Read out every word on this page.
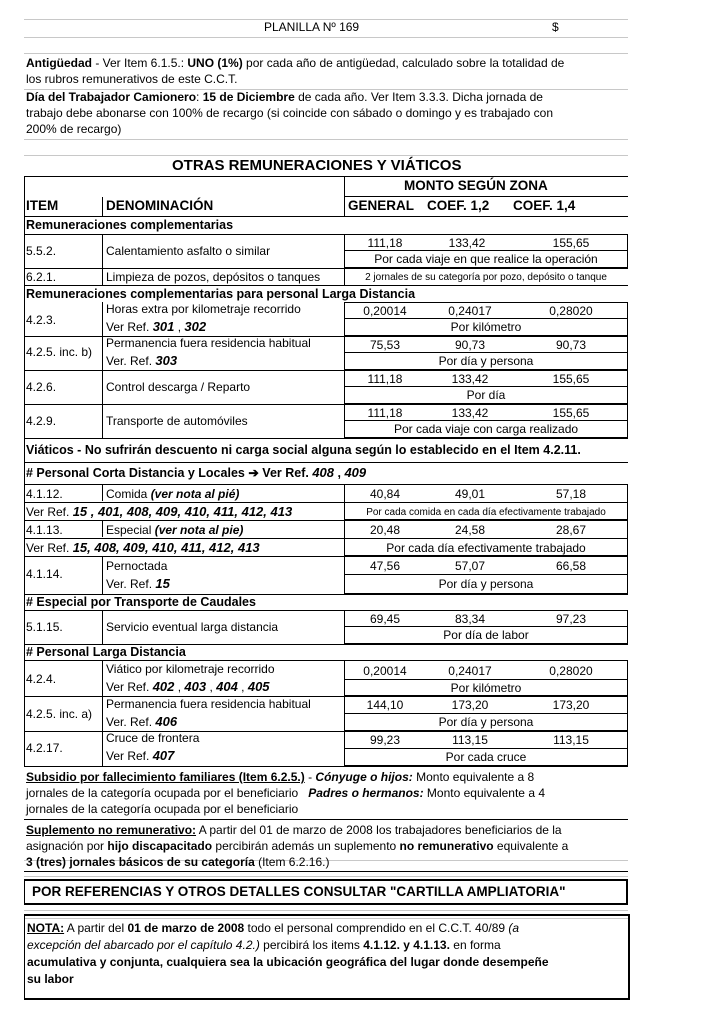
PLANILLA Nº 169	$
Antigüedad - Ver Item 6.1.5.: UNO (1%) por cada año de antigüedad, calculado sobre la totalidad de
los rubros remunerativos de este C.C.T.
Día del Trabajador Camionero: 15 de Diciembre de cada año. Ver Item 3.3.3. Dicha jornada de
trabajo debe abonarse con 100% de recargo (si coincide con sábado o domingo y es trabajado con
200% de recargo)
OTRAS REMUNERACIONES Y VIÁTICOS
MONTO SEGÚN ZONA
ITEM	DENOMINACIÓN	GENERAL COEF. 1,2 COEF. 1,4
Remuneraciones complementarias
5.5.2.	Calentamiento asfalto o similar
111,18	133,42	155,65
Por cada viaje en que realice la operación
6.2.1.	Limpieza de pozos, depósitos o tanques	2 jornales de su categoría por pozo, depósito o tanque
Remuneraciones complementarias para personal Larga Distancia
4.2.3.
Horas extra por kilometraje recorrido
Ver Ref. 301 , 302
0,20014	0,24017	0,28020
Por kilómetro
4.2.5. inc. b)
Permanencia fuera residencia habitual
Ver. Ref. 303
75,53	90,73	90,73
Por día y persona
4.2.6.	Control descarga / Reparto
111,18	133,42	155,65
Por día
4.2.9.	Transporte de automóviles
111,18	133,42	155,65
Por cada viaje con carga realizado
Viáticos - No sufrirán descuento ni carga social alguna según lo establecido en el Item 4.2.11.
# Personal Corta Distancia y Locales ➔ Ver Ref. 408 , 409
4.1.12.	Comida (ver nota al pié)
Ver Ref. 15 , 401, 408, 409, 410, 411, 412, 413
40,84	49,01	57,18
Por cada comida en cada día efectivamente trabajado
4.1.13.	Especial (ver nota al pie)
Ver Ref. 15, 408, 409, 410, 411, 412, 413
20,48	24,58	28,67
Por cada día efectivamente trabajado
4.1.14.
Pernoctada
Ver. Ref. 15
47,56	57,07	66,58
Por día y persona
# Especial por Transporte de Caudales
5.1.15.	Servicio eventual larga distancia
69,45	83,34	97,23
Por día de labor
# Personal Larga Distancia
4.2.4.
Viático por kilometraje recorrido
Ver Ref. 402 , 403 , 404 , 405
0,20014	0,24017	0,28020
Por kilómetro
4.2.5. inc. a)
Permanencia fuera residencia habitual
Ver. Ref. 406
144,10	173,20	173,20
Por día y persona
4.2.17.
Cruce de frontera
Ver Ref. 407
99,23	113,15	113,15
Por cada cruce
Subsidio por fallecimiento familiares (Item 6.2.5.) - Cónyuge o hijos: Monto equivalente a 8
jornales de la categoría ocupada por el beneficiario Padres o hermanos: Monto equivalente a 4
jornales de la categoría ocupada por el beneficiario
Suplemento no remunerativo: A partir del 01 de marzo de 2008 los trabajadores beneficiarios de la
asignación por hijo discapacitado percibirán además un suplemento no remunerativo equivalente a
3 (tres) jornales básicos de su categoría (Item 6.2.16.)
POR REFERENCIAS Y OTROS DETALLES CONSULTAR "CARTILLA AMPLIATORIA"
NOTA: A partir del 01 de marzo de 2008 todo el personal comprendido en el C.C.T. 40/89 (a
excepción del abarcado por el capítulo 4.2.) percibirá los items 4.1.12. y 4.1.13. en forma
acumulativa y conjunta, cualquiera sea la ubicación geográfica del lugar donde desempeñe
su labor
